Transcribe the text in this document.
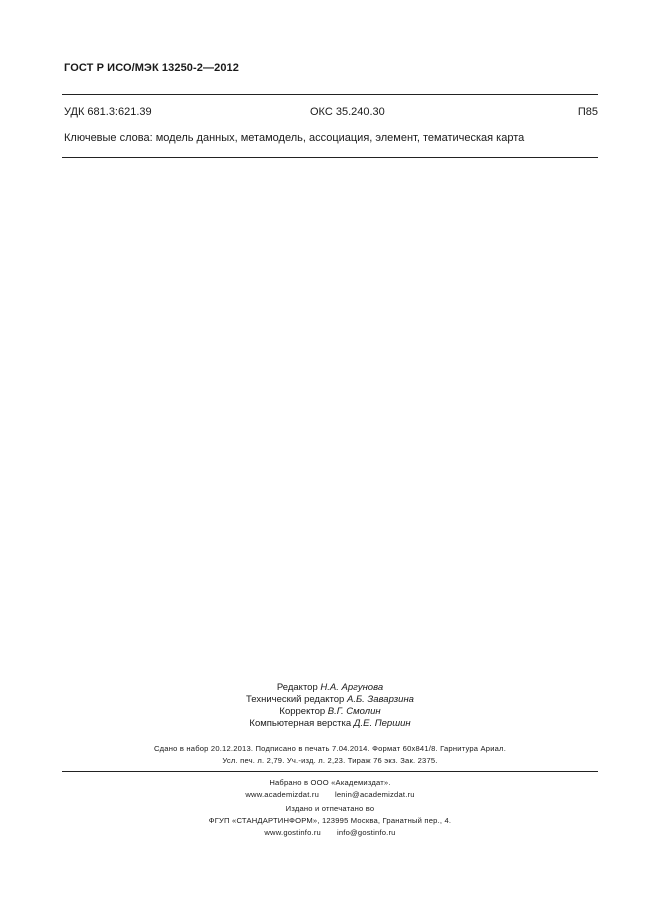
ГОСТ Р ИСО/МЭК 13250-2—2012
УДК 681.3:621.39	ОКС 35.240.30	П85
Ключевые слова: модель данных, метамодель, ассоциация, элемент, тематическая карта
Редактор Н.А. Аргунова
Технический редактор А.Б. Заварзина
Корректор В.Г. Смолин
Компьютерная верстка Д.Е. Першин
Сдано в набор 20.12.2013. Подписано в печать 7.04.2014. Формат 60х841/8. Гарнитура Ариал.
Усл. печ. л. 2,79. Уч.-изд. л. 2,23. Тираж 76 экз. Зак. 2375.
Набрано в ООО «Академиздат».
www.academizdat.ru lenin@academizdat.ru
Издано и отпечатано во
ФГУП «СТАНДАРТИНФОРМ», 123995 Москва, Гранатный пер., 4.
www.gostinfo.ru info@gostinfo.ru
